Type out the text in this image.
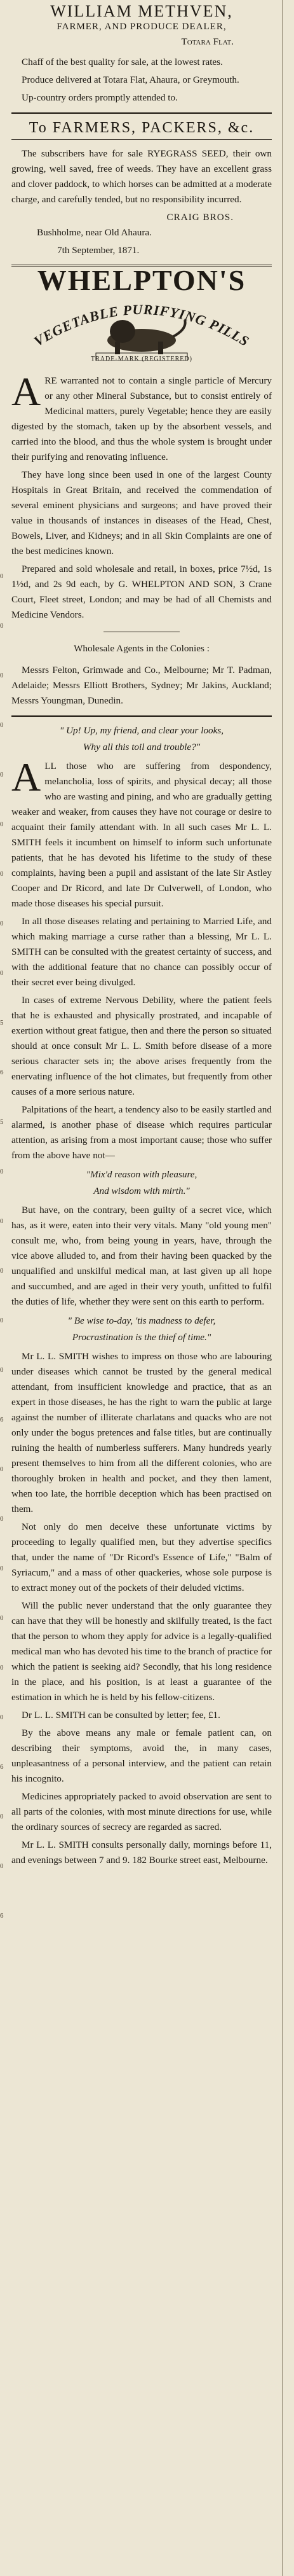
0
0
0
0
0
0
0
0
0
5
6
5
0
0
0
0
0
6
0
0
0
0
0
0
6
0
0
6
WILLIAM METHVEN,
FARMER, AND PRODUCE DEALER,
Totara Flat.

Chaff of the best quality for sale, at the lowest rates.

Produce delivered at Totara Flat, Ahaura, or Greymouth.

Up-country orders promptly attended to.

To FARMERS, PACKERS, &c.

The subscribers have for sale RYEGRASS SEED, their own growing, well saved, free of weeds. They have an excellent grass and clover paddock, to which horses can be admitted at a moderate charge, and carefully tended, but no responsibility incurred.

CRAIG BROS.

Bushholme, near Old Ahaura.

7th September, 1871.

WHELPTON'S
VEGETABLE PURIFYING PILLS
TRADE-MARK (REGISTERED)

ARE warranted not to contain a single particle of Mercury or any other Mineral Substance, but to consist entirely of Medicinal matters, purely Vegetable; hence they are easily digested by the stomach, taken up by the absorbent vessels, and carried into the blood, and thus the whole system is brought under their purifying and renovating influence.

They have long since been used in one of the largest County Hospitals in Great Britain, and received the commendation of several eminent physicians and surgeons; and have proved their value in thousands of instances in diseases of the Head, Chest, Bowels, Liver, and Kidneys; and in all Skin Complaints are one of the best medicines known.

Prepared and sold wholesale and retail, in boxes, price 7½d, 1s 1½d, and 2s 9d each, by G. WHELPTON AND SON, 3 Crane Court, Fleet street, London; and may be had of all Chemists and Medicine Vendors.

Wholesale Agents in the Colonies :

Messrs Felton, Grimwade and Co., Melbourne; Mr T. Padman, Adelaide; Messrs Elliott Brothers, Sydney; Mr Jakins, Auckland; Messrs Youngman, Dunedin.

" Up! Up, my friend, and clear your looks,
Why all this toil and trouble?"

ALL those who are suffering from despondency, melancholia, loss of spirits, and physical decay; all those who are wasting and pining, and who are gradually getting weaker and weaker, from causes they have not courage or desire to acquaint their family attendant with. In all such cases Mr L. L. SMITH feels it incumbent on himself to inform such unfortunate patients, that he has devoted his lifetime to the study of these complaints, having been a pupil and assistant of the late Sir Astley Cooper and Dr Ricord, and late Dr Culverwell, of London, who made those diseases his special pursuit.

In all those diseases relating and pertaining to Married Life, and which making marriage a curse rather than a blessing, Mr L. L. SMITH can be consulted with the greatest certainty of success, and with the additional feature that no chance can possibly occur of their secret ever being divulged.

In cases of extreme Nervous Debility, where the patient feels that he is exhausted and physically prostrated, and incapable of exertion without great fatigue, then and there the person so situated should at once consult Mr L. L. Smith before disease of a more serious character sets in; the above arises frequently from the enervating influence of the hot climates, but frequently from other causes of a more serious nature.

Palpitations of the heart, a tendency also to be easily startled and alarmed, is another phase of disease which requires particular attention, as arising from a most important cause; those who suffer from the above have not—

"Mix'd reason with pleasure,
And wisdom with mirth."

But have, on the contrary, been guilty of a secret vice, which has, as it were, eaten into their very vitals. Many "old young men" consult me, who, from being young in years, have, through the vice above alluded to, and from their having been quacked by the unqualified and unskilful medical man, at last given up all hope and succumbed, and are aged in their very youth, unfitted to fulfil the duties of life, whether they were sent on this earth to perform.

" Be wise to-day, 'tis madness to defer,
Procrastination is the thief of time."

Mr L. L. SMITH wishes to impress on those who are labouring under diseases which cannot be trusted by the general medical attendant, from insufficient knowledge and practice, that as an expert in those diseases, he has the right to warn the public at large against the number of illiterate charlatans and quacks who are not only under the bogus pretences and false titles, but are continually ruining the health of numberless sufferers. Many hundreds yearly present themselves to him from all the different colonies, who are thoroughly broken in health and pocket, and they then lament, when too late, the horrible deception which has been practised on them.

Not only do men deceive these unfortunate victims by proceeding to legally qualified men, but they advertise specifics that, under the name of "Dr Ricord's Essence of Life," "Balm of Syriacum," and a mass of other quackeries, whose sole purpose is to extract money out of the pockets of their deluded victims.

Will the public never understand that the only guarantee they can have that they will be honestly and skilfully treated, is the fact that the person to whom they apply for advice is a legally-qualified medical man who has devoted his time to the branch of practice for which the patient is seeking aid? Secondly, that his long residence in the place, and his position, is at least a guarantee of the estimation in which he is held by his fellow-citizens.

Dr L. L. SMITH can be consulted by letter; fee, £1.

By the above means any male or female patient can, on describing their symptoms, avoid the, in many cases, unpleasantness of a personal interview, and the patient can retain his incognito.

Medicines appropriately packed to avoid observation are sent to all parts of the colonies, with most minute directions for use, while the ordinary sources of secrecy are regarded as sacred.

Mr L. L. SMITH consults personally daily, mornings before 11, and evenings between 7 and 9. 182 Bourke street east, Melbourne.
